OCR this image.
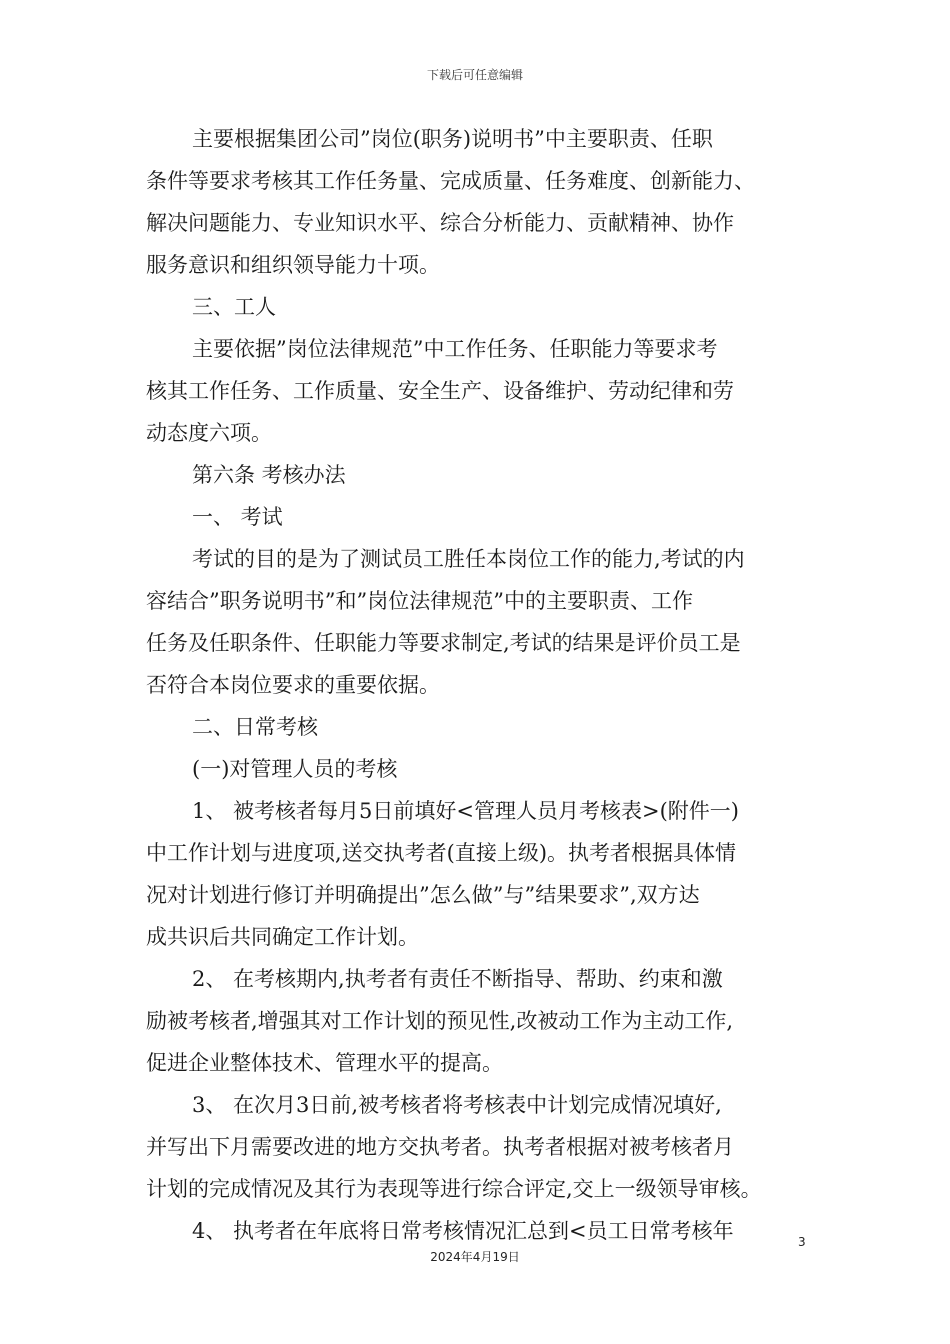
下载后可任意编辑
主要根据集团公司”岗位(职务)说明书”中主要职责、任职
条件等要求考核其工作任务量、完成质量、任务难度、创新能力、
解决问题能力、专业知识水平、综合分析能力、贡献精神、协作
服务意识和组织领导能力十项。
三、工人
主要依据”岗位法律规范”中工作任务、任职能力等要求考
核其工作任务、工作质量、安全生产、设备维护、劳动纪律和劳
动态度六项。
第六条 考核办法
一、 考试
考试的目的是为了测试员工胜任本岗位工作的能力,考试的内
容结合”职务说明书”和”岗位法律规范”中的主要职责、工作
任务及任职条件、任职能力等要求制定,考试的结果是评价员工是
否符合本岗位要求的重要依据。
二、日常考核
(一)对管理人员的考核
1、 被考核者每月5日前填好<管理人员月考核表>(附件一)
中工作计划与进度项,送交执考者(直接上级)。执考者根据具体情
况对计划进行修订并明确提出”怎么做”与”结果要求”,双方达
成共识后共同确定工作计划。
2、 在考核期内,执考者有责任不断指导、帮助、约束和激
励被考核者,增强其对工作计划的预见性,改被动工作为主动工作,
促进企业整体技术、管理水平的提高。
3、 在次月3日前,被考核者将考核表中计划完成情况填好,
并写出下月需要改进的地方交执考者。执考者根据对被考核者月
计划的完成情况及其行为表现等进行综合评定,交上一级领导审核。
4、 执考者在年底将日常考核情况汇总到<员工日常考核年	3
2024年4月19日
